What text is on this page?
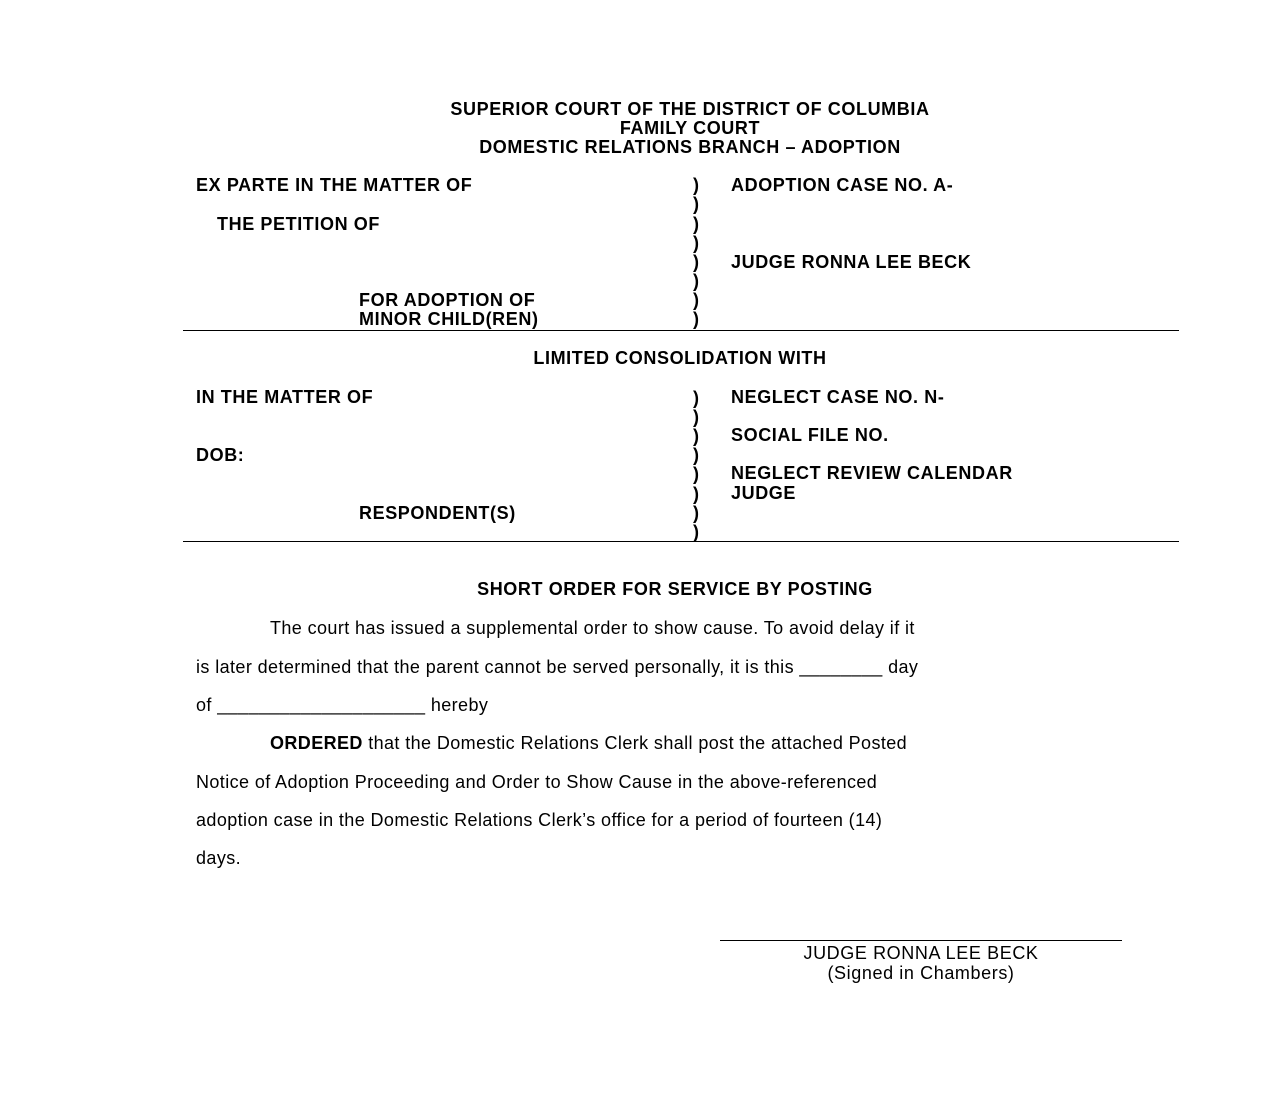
SUPERIOR COURT OF THE DISTRICT OF COLUMBIA
FAMILY COURT
DOMESTIC RELATIONS BRANCH – ADOPTION
EX PARTE IN THE MATTER OF
THE PETITION OF
FOR ADOPTION OF
MINOR CHILD(REN)
)
)
)
)
)
)
)
)
ADOPTION CASE NO. A-
JUDGE RONNA LEE BECK
LIMITED CONSOLIDATION WITH
IN THE MATTER OF
DOB:
RESPONDENT(S)
)
)
)
)
)
)
)
)
NEGLECT CASE NO. N-
SOCIAL FILE NO.
NEGLECT REVIEW CALENDAR
JUDGE
SHORT ORDER FOR SERVICE BY POSTING
The court has issued a supplemental order to show cause. To avoid delay if it
is later determined that the parent cannot be served personally, it is this ________ day
of ____________________ hereby
ORDERED that the Domestic Relations Clerk shall post the attached Posted
Notice of Adoption Proceeding and Order to Show Cause in the above-referenced
adoption case in the Domestic Relations Clerk’s office for a period of fourteen (14)
days.
JUDGE RONNA LEE BECK
(Signed in Chambers)
